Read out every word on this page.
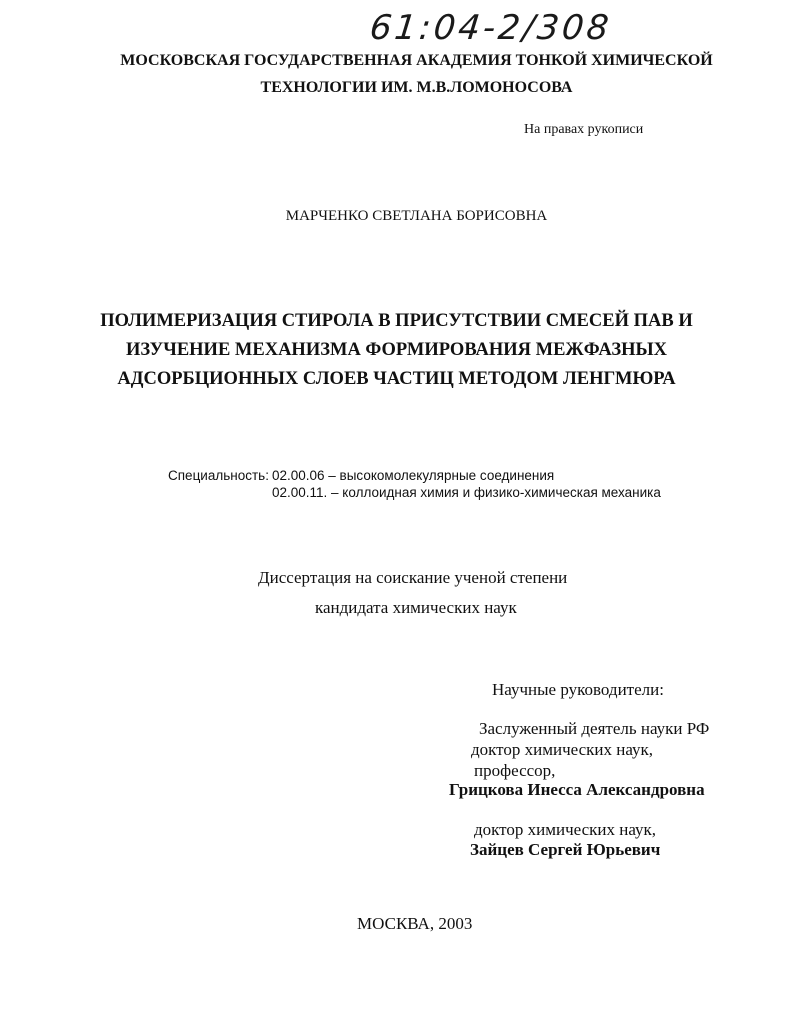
61:04-2/308
МОСКОВСКАЯ ГОСУДАРСТВЕННАЯ АКАДЕМИЯ ТОНКОЙ ХИМИЧЕСКОЙ
ТЕХНОЛОГИИ ИМ. М.В.ЛОМОНОСОВА
На правах рукописи
МАРЧЕНКО СВЕТЛАНА БОРИСОВНА
ПОЛИМЕРИЗАЦИЯ СТИРОЛА В ПРИСУТСТВИИ СМЕСЕЙ ПАВ И
ИЗУЧЕНИЕ МЕХАНИЗМА ФОРМИРОВАНИЯ МЕЖФАЗНЫХ
АДСОРБЦИОННЫХ СЛОЕВ ЧАСТИЦ МЕТОДОМ ЛЕНГМЮРА
Специальность: 02.00.06 – высокомолекулярные соединения
02.00.11. – коллоидная химия и физико-химическая механика
Диссертация на соискание ученой степени
кандидата химических наук
Научные руководители:
Заслуженный деятель науки РФ
доктор химических наук,
профессор,
Грицкова Инесса Александровна
доктор химических наук,
Зайцев Сергей Юрьевич
МОСКВА, 2003
